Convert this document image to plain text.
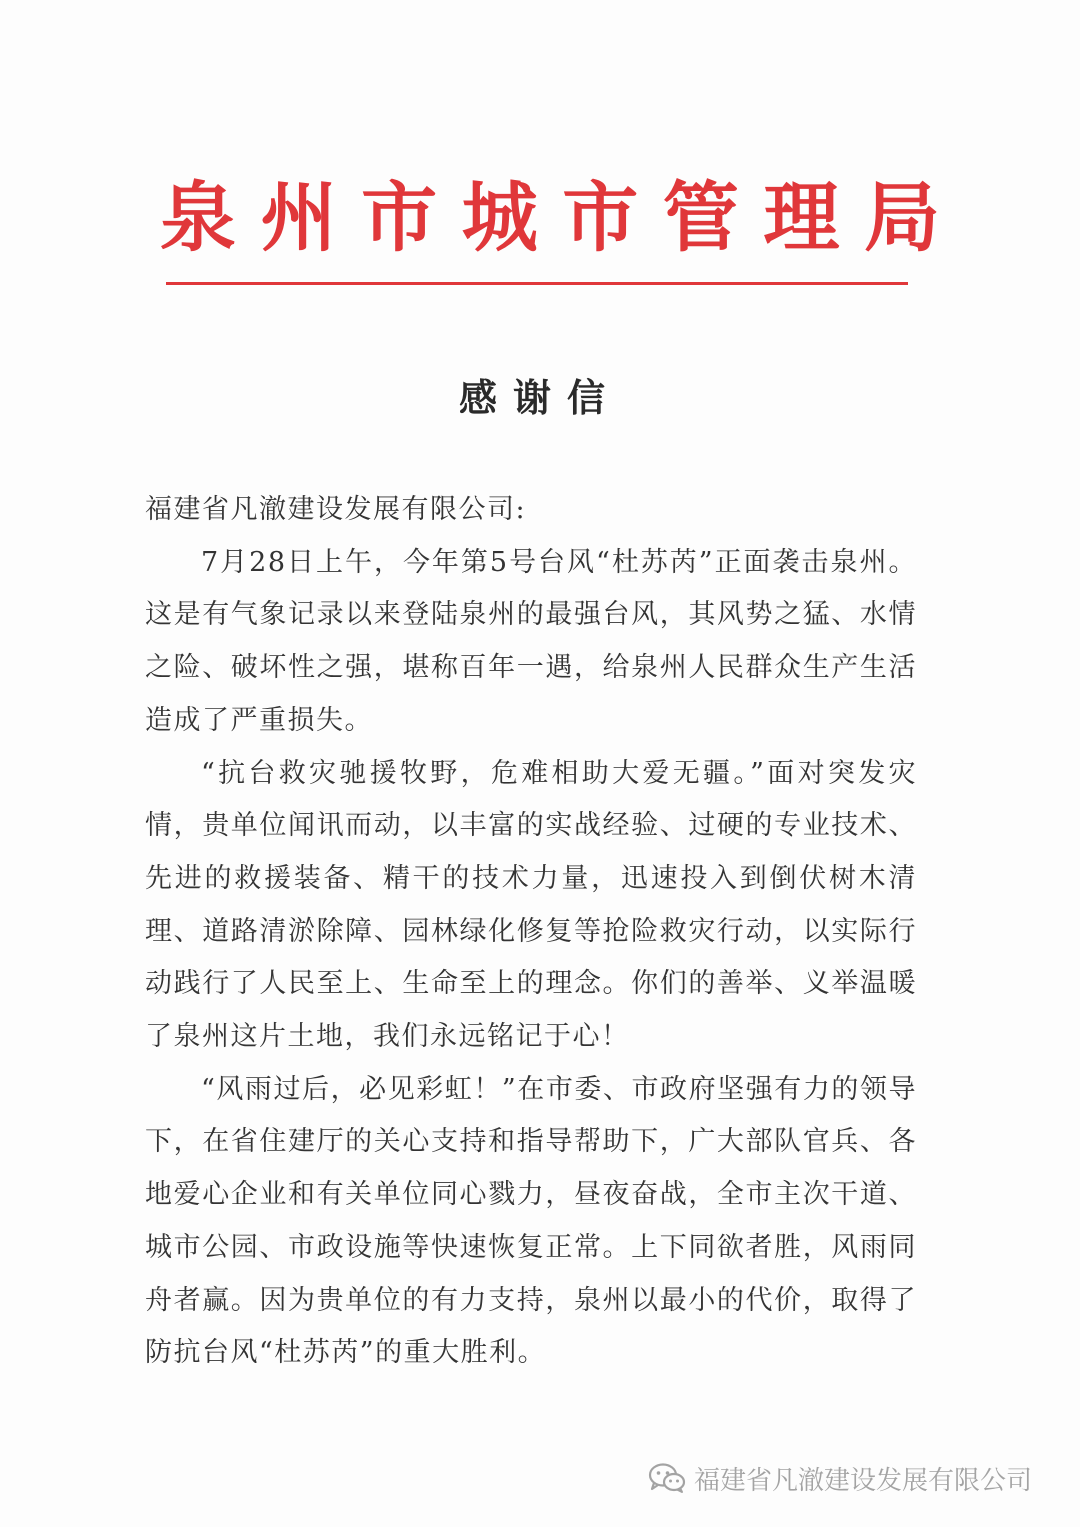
泉 州 市 城 市 管 理 局
感谢信

福建省凡澈建设发展有限公司:

7月28日上午，今年第5号台风“杜苏芮”正面袭击泉州。这是有气象记录以来登陆泉州的最强台风，其风势之猛、水情之险、破坏性之强，堪称百年一遇，给泉州人民群众生产生活造成了严重损失。

“抗台救灾驰援牧野，危难相助大爱无疆。”面对突发灾情，贵单位闻讯而动，以丰富的实战经验、过硬的专业技术、先进的救援装备、精干的技术力量，迅速投入到倒伏树木清理、道路清淤除障、园林绿化修复等抢险救灾行动，以实际行动践行了人民至上、生命至上的理念。你们的善举、义举温暖了泉州这片土地，我们永远铭记于心！

“风雨过后，必见彩虹！”在市委、市政府坚强有力的领导下，在省住建厅的关心支持和指导帮助下，广大部队官兵、各地爱心企业和有关单位同心戮力，昼夜奋战，全市主次干道、城市公园、市政设施等快速恢复正常。上下同欲者胜，风雨同舟者赢。因为贵单位的有力支持，泉州以最小的代价，取得了防抗台风“杜苏芮”的重大胜利。

福建省凡澈建设发展有限公司
